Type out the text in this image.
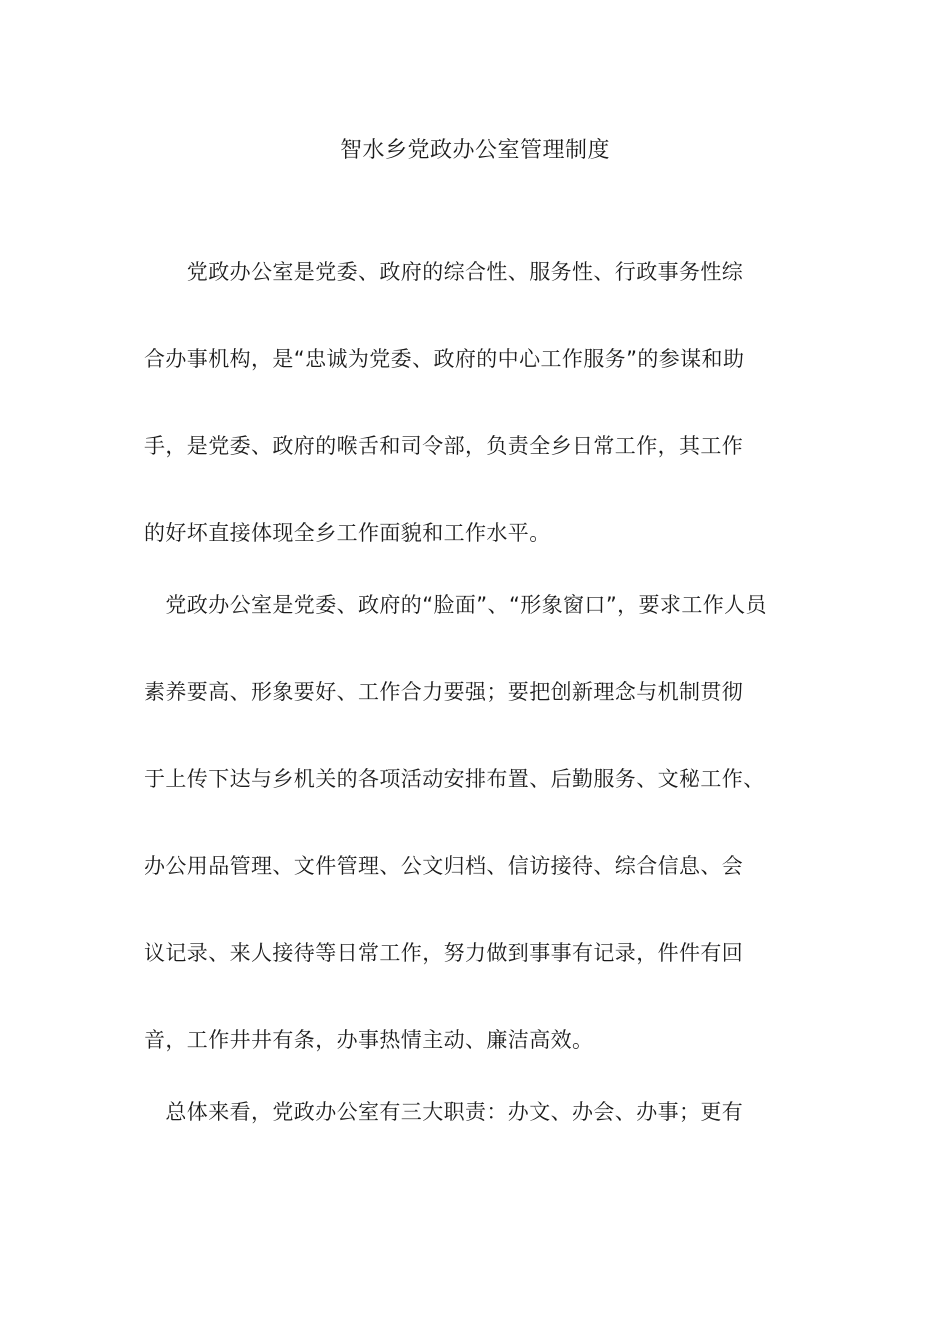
智水乡党政办公室管理制度
　　党政办公室是党委、政府的综合性、服务性、行政事务性综
合办事机构，是“忠诚为党委、政府的中心工作服务”的参谋和助
手，是党委、政府的喉舌和司令部，负责全乡日常工作，其工作
的好坏直接体现全乡工作面貌和工作水平。
　党政办公室是党委、政府的“脸面”、“形象窗口”，要求工作人员
素养要高、形象要好、工作合力要强；要把创新理念与机制贯彻
于上传下达与乡机关的各项活动安排布置、后勤服务、文秘工作、
办公用品管理、文件管理、公文归档、信访接待、综合信息、会
议记录、来人接待等日常工作，努力做到事事有记录，件件有回
音，工作井井有条，办事热情主动、廉洁高效。
　总体来看，党政办公室有三大职责：办文、办会、办事；更有
